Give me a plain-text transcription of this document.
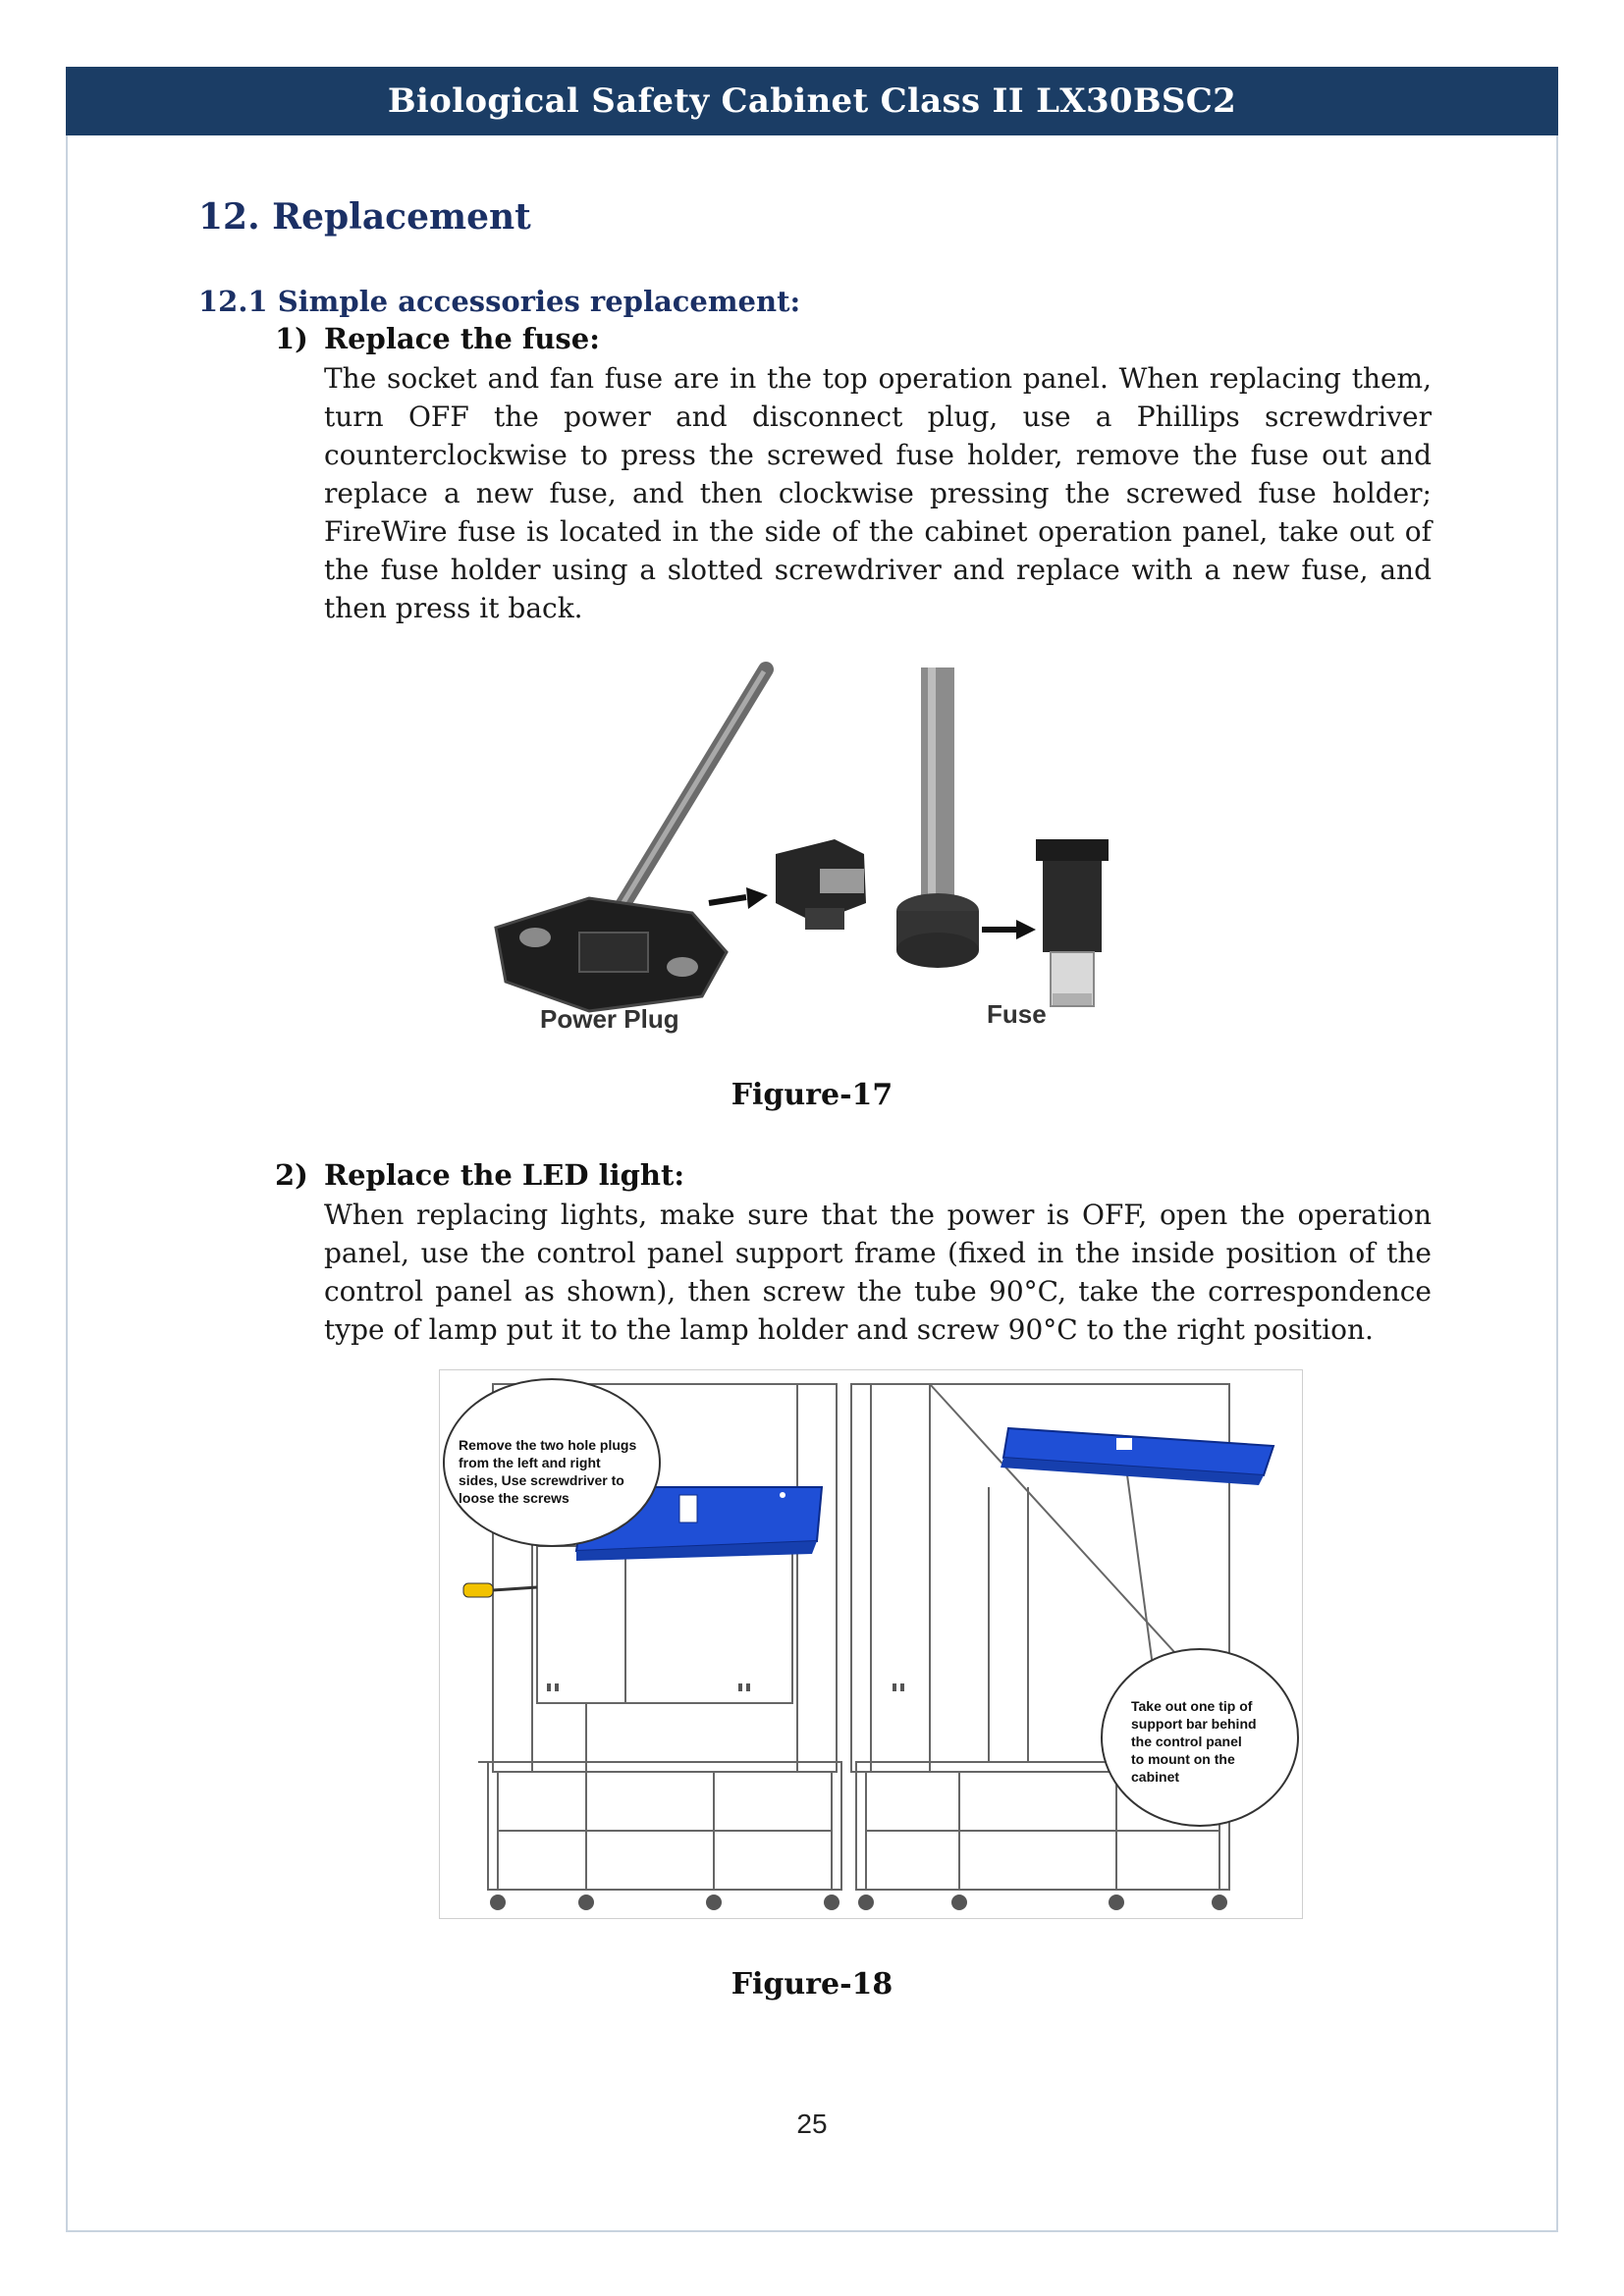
Biological Safety Cabinet Class II LX30BSC2
12. Replacement
12.1 Simple accessories replacement:
1) Replace the fuse:
The socket and fan fuse are in the top operation panel. When replacing them, turn OFF the power and disconnect plug, use a Phillips screwdriver counterclockwise to press the screwed fuse holder, remove the fuse out and replace a new fuse, and then clockwise pressing the screwed fuse holder; FireWire fuse is located in the side of the cabinet operation panel, take out of the fuse holder using a slotted screwdriver and replace with a new fuse, and then press it back.
Power Plug	Fuse
Figure-17
2) Replace the LED light:
When replacing lights, make sure that the power is OFF, open the operation panel, use the control panel support frame (fixed in the inside position of the control panel as shown), then screw the tube 90°C, take the correspondence type of lamp put it to the lamp holder and screw 90°C to the right position.
Remove the two hole plugs
from the left and right
sides, Use screwdriver to
loose the screws
Take out one tip of
support bar behind
the control panel
to mount on the
cabinet
Figure-18
25
